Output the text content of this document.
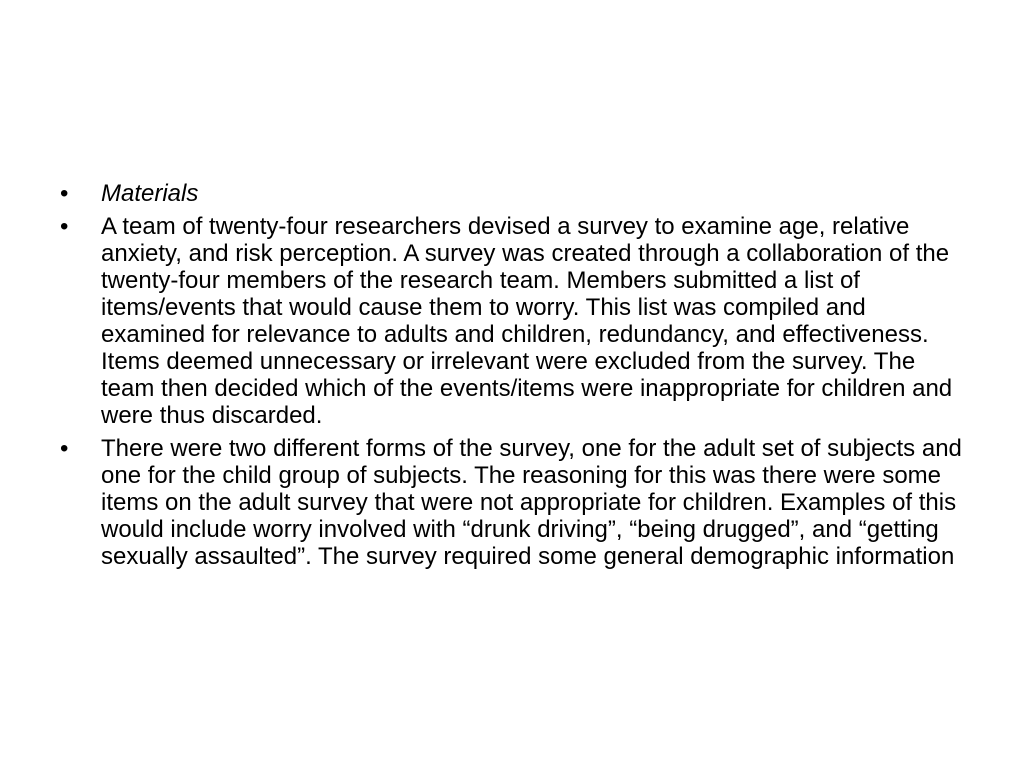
•	Materials
•	A team of twenty-four researchers devised a survey to examine age, relative anxiety, and risk perception. A survey was created through a collaboration of the twenty-four members of the research team. Members submitted a list of items/events that would cause them to worry. This list was compiled and examined for relevance to adults and children, redundancy, and effectiveness. Items deemed unnecessary or irrelevant were excluded from the survey. The team then decided which of the events/items were inappropriate for children and were thus discarded.
•	There were two different forms of the survey, one for the adult set of subjects and one for the child group of subjects. The reasoning for this was there were some items on the adult survey that were not appropriate for children. Examples of this would include worry involved with “drunk driving”, “being drugged”, and “getting sexually assaulted”. The survey required some general demographic information
